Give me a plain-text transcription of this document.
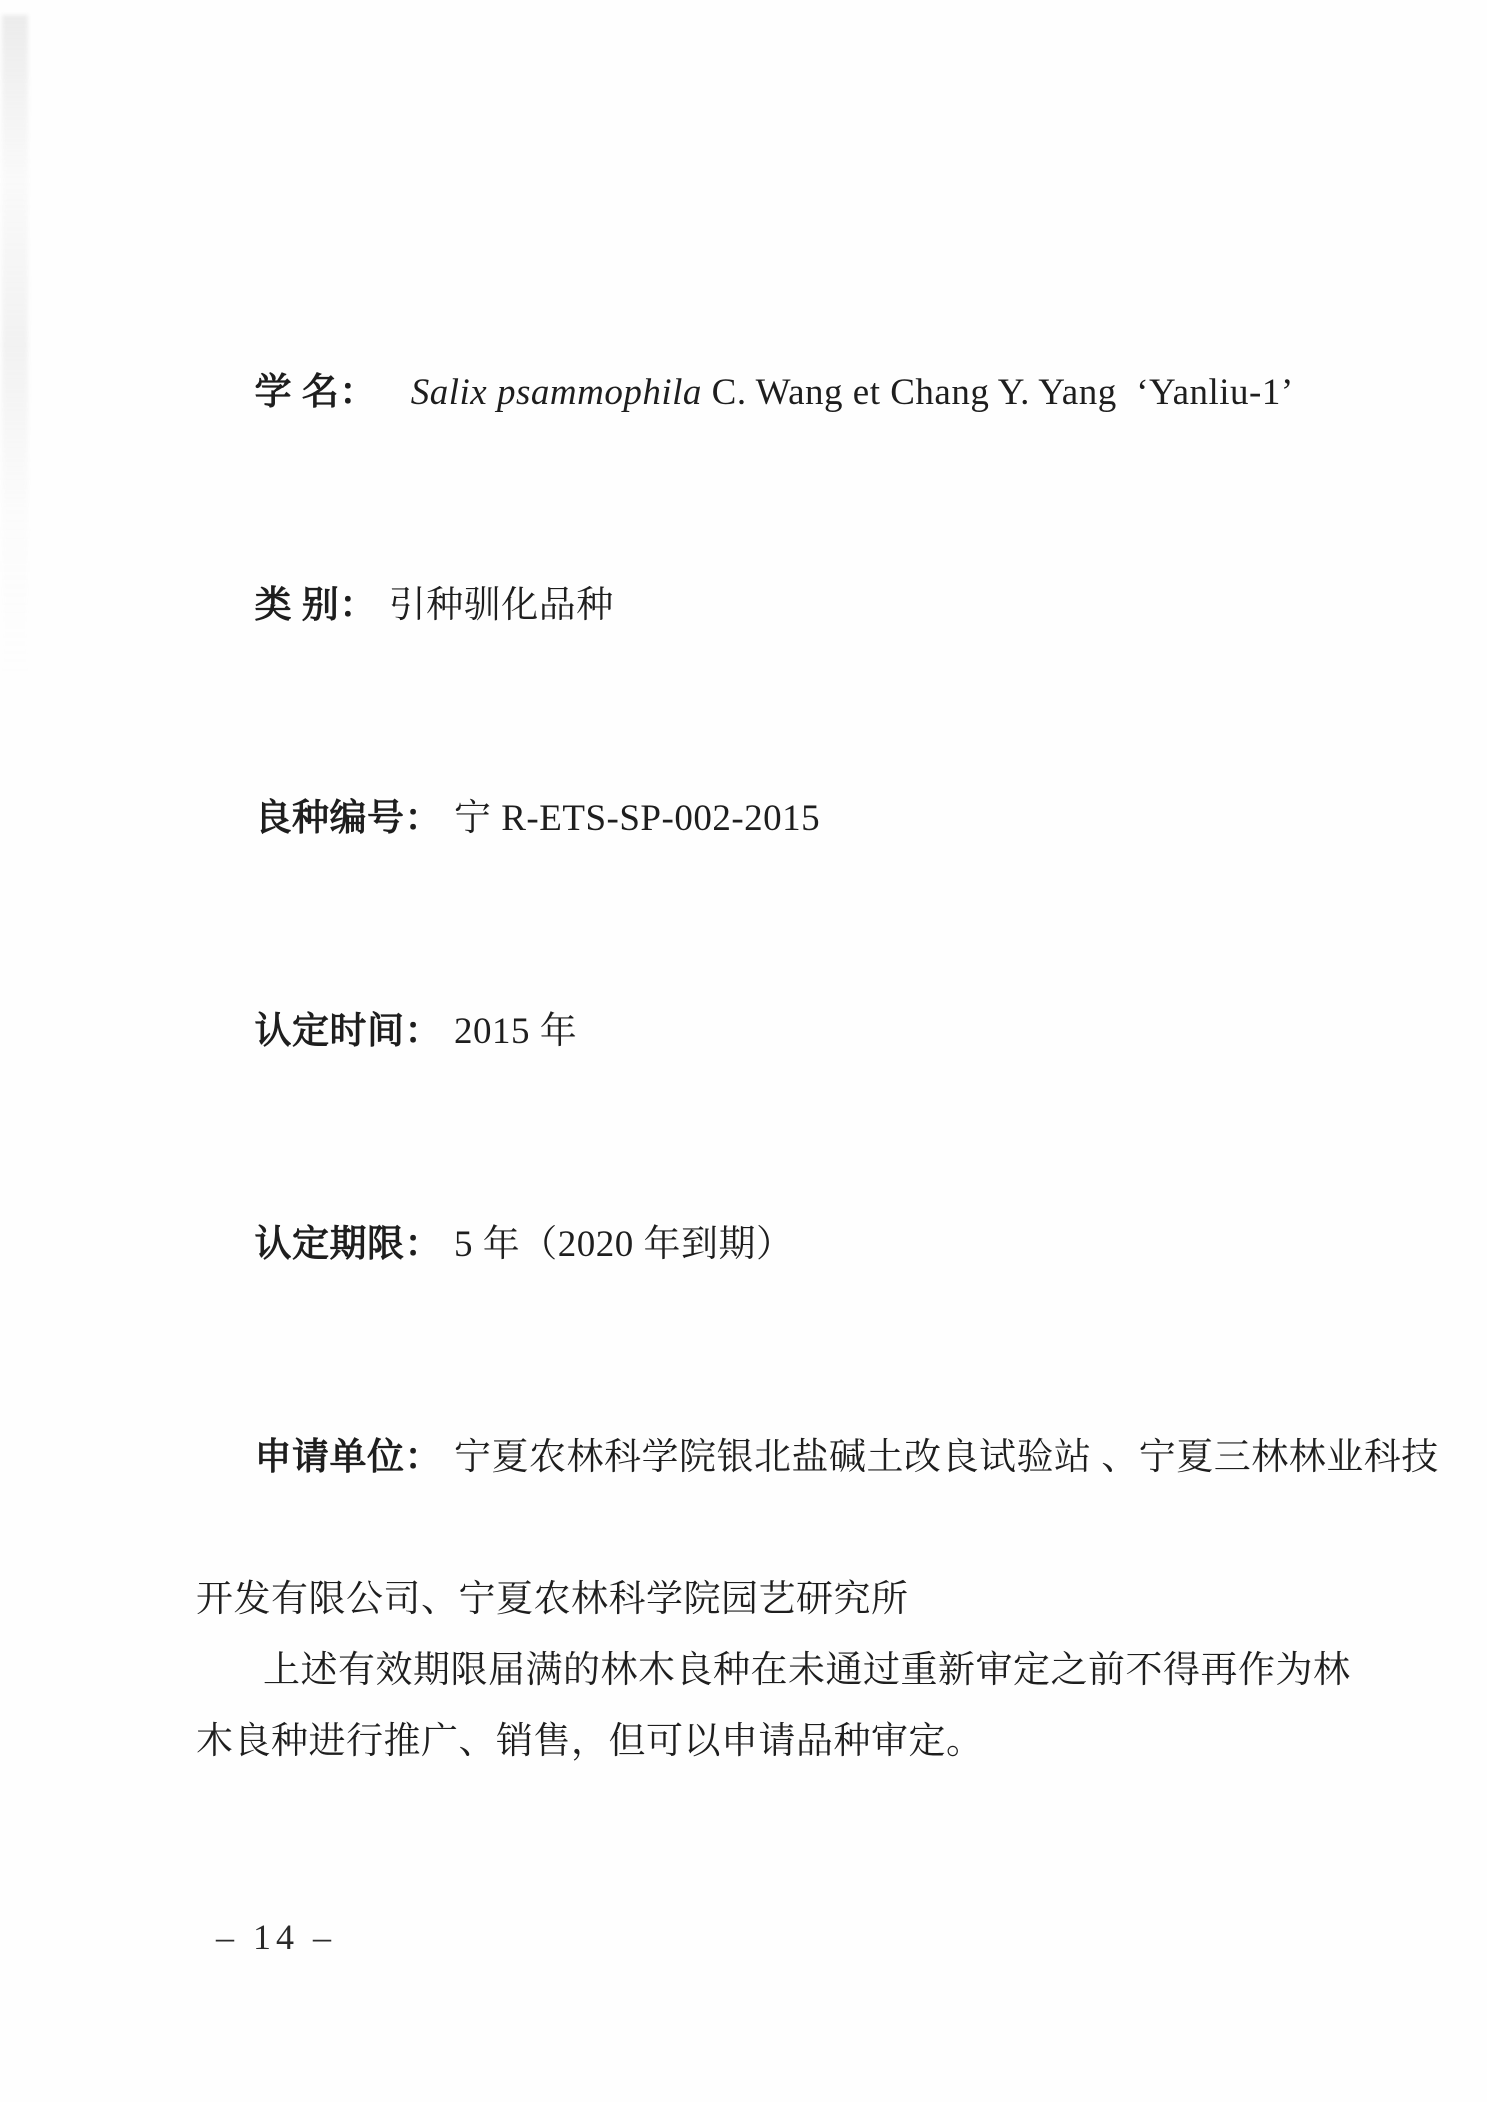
学 名： Salix psammophila C. Wang et Chang Y. Yang  ‘Yanliu-1’

类 别： 引种驯化品种

良种编号： 宁 R-ETS-SP-002-2015

认定时间： 2015 年

认定期限： 5 年（2020 年到期）

申请单位： 宁夏农林科学院银北盐碱土改良试验站 、宁夏三林林业科技

开发有限公司、宁夏农林科学院园艺研究所
上述有效期限届满的林木良种在未通过重新审定之前不得再作为林
木良种进行推广、销售，但可以申请品种审定。
– 14 –
